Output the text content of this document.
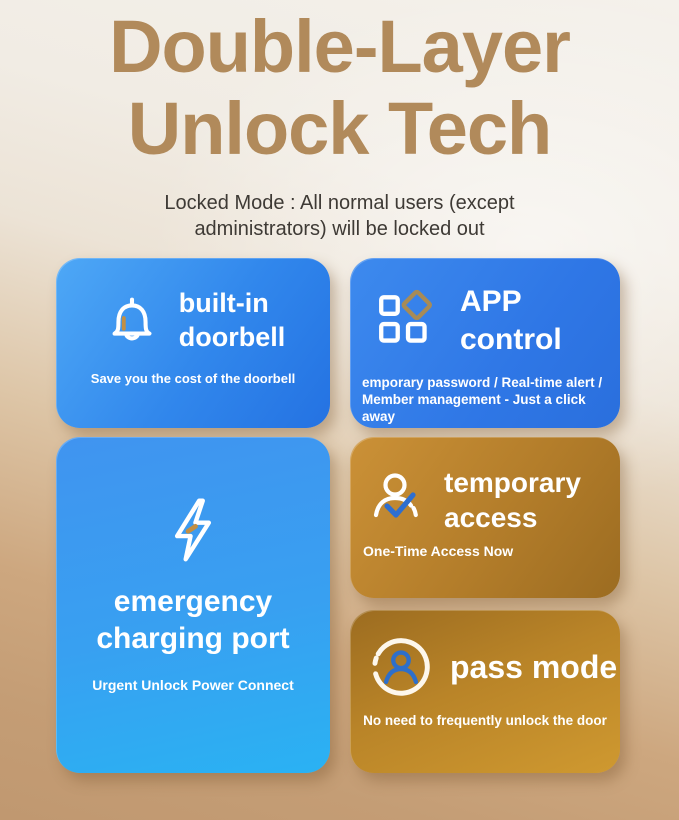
Double-Layer
Unlock Tech
Locked Mode : All normal users (except
administrators) will be locked out
built-in
doorbell
Save you the cost of the doorbell
APP
control
emporary password / Real-time alert /
Member management - Just a click away
emergency
charging port
Urgent Unlock Power Connect
temporary
access
One-Time Access Now
pass mode
No need to frequently unlock the door
